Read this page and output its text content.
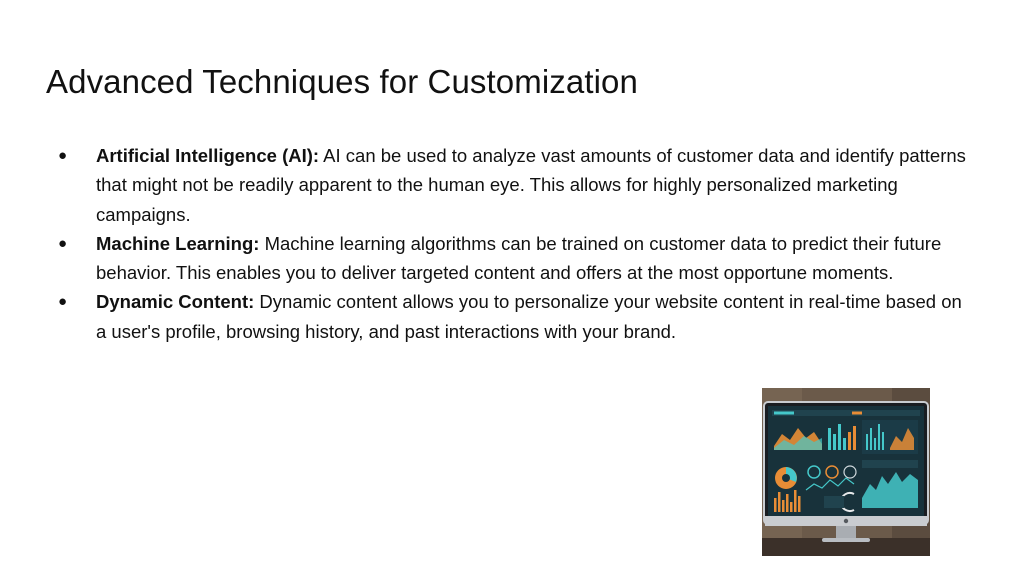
Advanced Techniques for Customization
● Artificial Intelligence (AI): AI can be used to analyze vast amounts of customer data and identify patterns that might not be readily apparent to the human eye. This allows for highly personalized marketing campaigns.
● Machine Learning: Machine learning algorithms can be trained on customer data to predict their future behavior. This enables you to deliver targeted content and offers at the most opportune moments.
● Dynamic Content: Dynamic content allows you to personalize your website content in real-time based on a user's profile, browsing history, and past interactions with your brand.
